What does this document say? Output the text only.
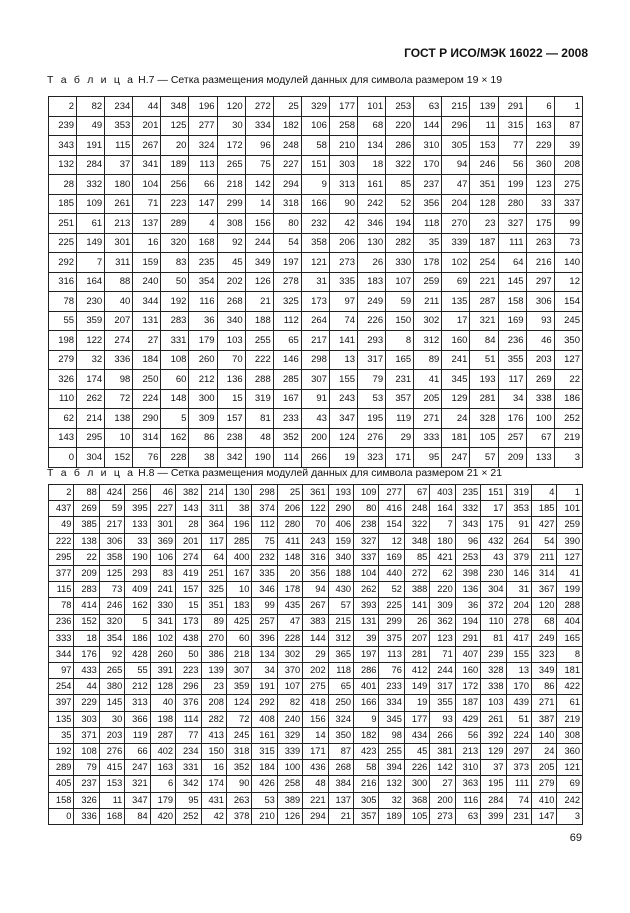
ГОСТ Р ИСО/МЭК 16022 — 2008
Т а б л и ц а Н.7 — Сетка размещения модулей данных для символа размером 19 × 19
2	82	234	44	348	196	120	272	25	329	177	101	253	63	215	139	291	6	1
239	49	353	201	125	277	30	334	182	106	258	68	220	144	296	11	315	163	87
343	191	115	267	20	324	172	96	248	58	210	134	286	310	305	153	77	229	39
132	284	37	341	189	113	265	75	227	151	303	18	322	170	94	246	56	360	208
28	332	180	104	256	66	218	142	294	9	313	161	85	237	47	351	199	123	275
185	109	261	71	223	147	299	14	318	166	90	242	52	356	204	128	280	33	337
251	61	213	137	289	4	308	156	80	232	42	346	194	118	270	23	327	175	99
225	149	301	16	320	168	92	244	54	358	206	130	282	35	339	187	111	263	73
292	7	311	159	83	235	45	349	197	121	273	26	330	178	102	254	64	216	140
316	164	88	240	50	354	202	126	278	31	335	183	107	259	69	221	145	297	12
78	230	40	344	192	116	268	21	325	173	97	249	59	211	135	287	158	306	154
55	359	207	131	283	36	340	188	112	264	74	226	150	302	17	321	169	93	245
198	122	274	27	331	179	103	255	65	217	141	293	8	312	160	84	236	46	350
279	32	336	184	108	260	70	222	146	298	13	317	165	89	241	51	355	203	127
326	174	98	250	60	212	136	288	285	307	155	79	231	41	345	193	117	269	22
110	262	72	224	148	300	15	319	167	91	243	53	357	205	129	281	34	338	186
62	214	138	290	5	309	157	81	233	43	347	195	119	271	24	328	176	100	252
143	295	10	314	162	86	238	48	352	200	124	276	29	333	181	105	257	67	219
0	304	152	76	228	38	342	190	114	266	19	323	171	95	247	57	209	133	3
Т а б л и ц а Н.8 — Сетка размещения модулей данных для символа размером 21 × 21
2	88	424	256	46	382	214	130	298	25	361	193	109	277	67	403	235	151	319	4	1
437	269	59	395	227	143	311	38	374	206	122	290	80	416	248	164	332	17	353	185	101
49	385	217	133	301	28	364	196	112	280	70	406	238	154	322	7	343	175	91	427	259
222	138	306	33	369	201	117	285	75	411	243	159	327	12	348	180	96	432	264	54	390
295	22	358	190	106	274	64	400	232	148	316	340	337	169	85	421	253	43	379	211	127
377	209	125	293	83	419	251	167	335	20	356	188	104	440	272	62	398	230	146	314	41
115	283	73	409	241	157	325	10	346	178	94	430	262	52	388	220	136	304	31	367	199
78	414	246	162	330	15	351	183	99	435	267	57	393	225	141	309	36	372	204	120	288
236	152	320	5	341	173	89	425	257	47	383	215	131	299	26	362	194	110	278	68	404
333	18	354	186	102	438	270	60	396	228	144	312	39	375	207	123	291	81	417	249	165
344	176	92	428	260	50	386	218	134	302	29	365	197	113	281	71	407	239	155	323	8
97	433	265	55	391	223	139	307	34	370	202	118	286	76	412	244	160	328	13	349	181
254	44	380	212	128	296	23	359	191	107	275	65	401	233	149	317	172	338	170	86	422
397	229	145	313	40	376	208	124	292	82	418	250	166	334	19	355	187	103	439	271	61
135	303	30	366	198	114	282	72	408	240	156	324	9	345	177	93	429	261	51	387	219
35	371	203	119	287	77	413	245	161	329	14	350	182	98	434	266	56	392	224	140	308
192	108	276	66	402	234	150	318	315	339	171	87	423	255	45	381	213	129	297	24	360
289	79	415	247	163	331	16	352	184	100	436	268	58	394	226	142	310	37	373	205	121
405	237	153	321	6	342	174	90	426	258	48	384	216	132	300	27	363	195	111	279	69
158	326	11	347	179	95	431	263	53	389	221	137	305	32	368	200	116	284	74	410	242
0	336	168	84	420	252	42	378	210	126	294	21	357	189	105	273	63	399	231	147	3
69
